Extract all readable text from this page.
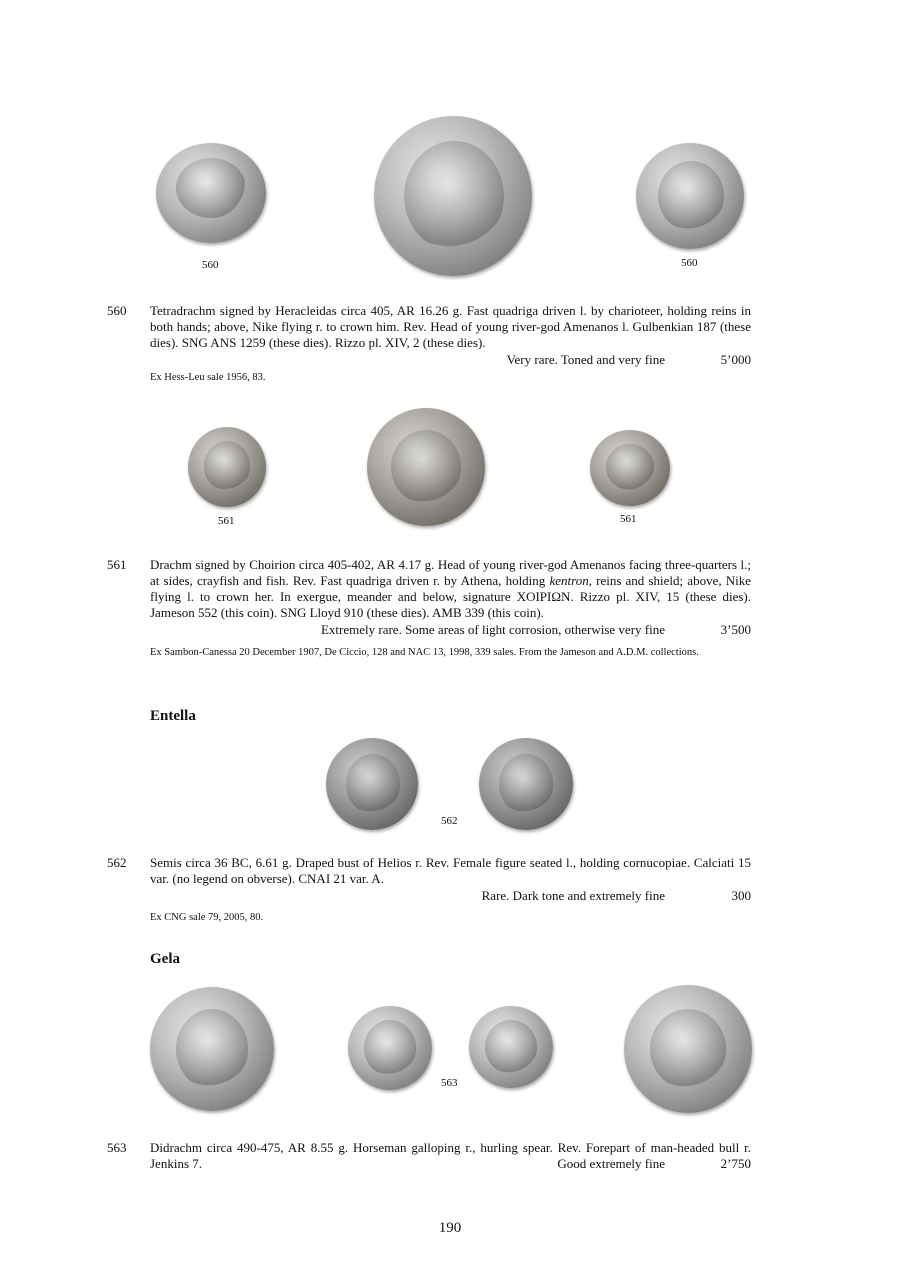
560	560
560 Tetradrachm signed by Heracleidas circa 405, AR 16.26 g. Fast quadriga driven l. by charioteer, holding reins in both hands; above, Nike flying r. to crown him. Rev. Head of young river-god Amenanos l. Gulbenkian 187 (these dies). SNG ANS 1259 (these dies). Rizzo pl. XIV, 2 (these dies).
Very rare. Toned and very fine	5’000
Ex Hess-Leu sale 1956, 83.
561	561
561 Drachm signed by Choirion circa 405-402, AR 4.17 g. Head of young river-god Amenanos facing three-quarters l.; at sides, crayfish and fish. Rev. Fast quadriga driven r. by Athena, holding kentron, reins and shield; above, Nike flying l. to crown her. In exergue, meander and below, signature ΧΟΙΡΙΩΝ. Rizzo pl. XIV, 15 (these dies). Jameson 552 (this coin). SNG Lloyd 910 (these dies). AMB 339 (this coin).
Extremely rare. Some areas of light corrosion, otherwise very fine	3’500
Ex Sambon-Canessa 20 December 1907, De Ciccio, 128 and NAC 13, 1998, 339 sales. From the Jameson and A.D.M. collections.
Entella
562
562 Semis circa 36 BC, 6.61 g. Draped bust of Helios r. Rev. Female figure seated l., holding cornucopiae. Calciati 15 var. (no legend on obverse). CNAI 21 var. A.
Rare. Dark tone and extremely fine	300
Ex CNG sale 79, 2005, 80.
Gela
563
563 Didrachm circa 490-475, AR 8.55 g. Horseman galloping r., hurling spear. Rev. Forepart of man-headed bull r. Jenkins 7.	Good extremely fine	2’750
190
